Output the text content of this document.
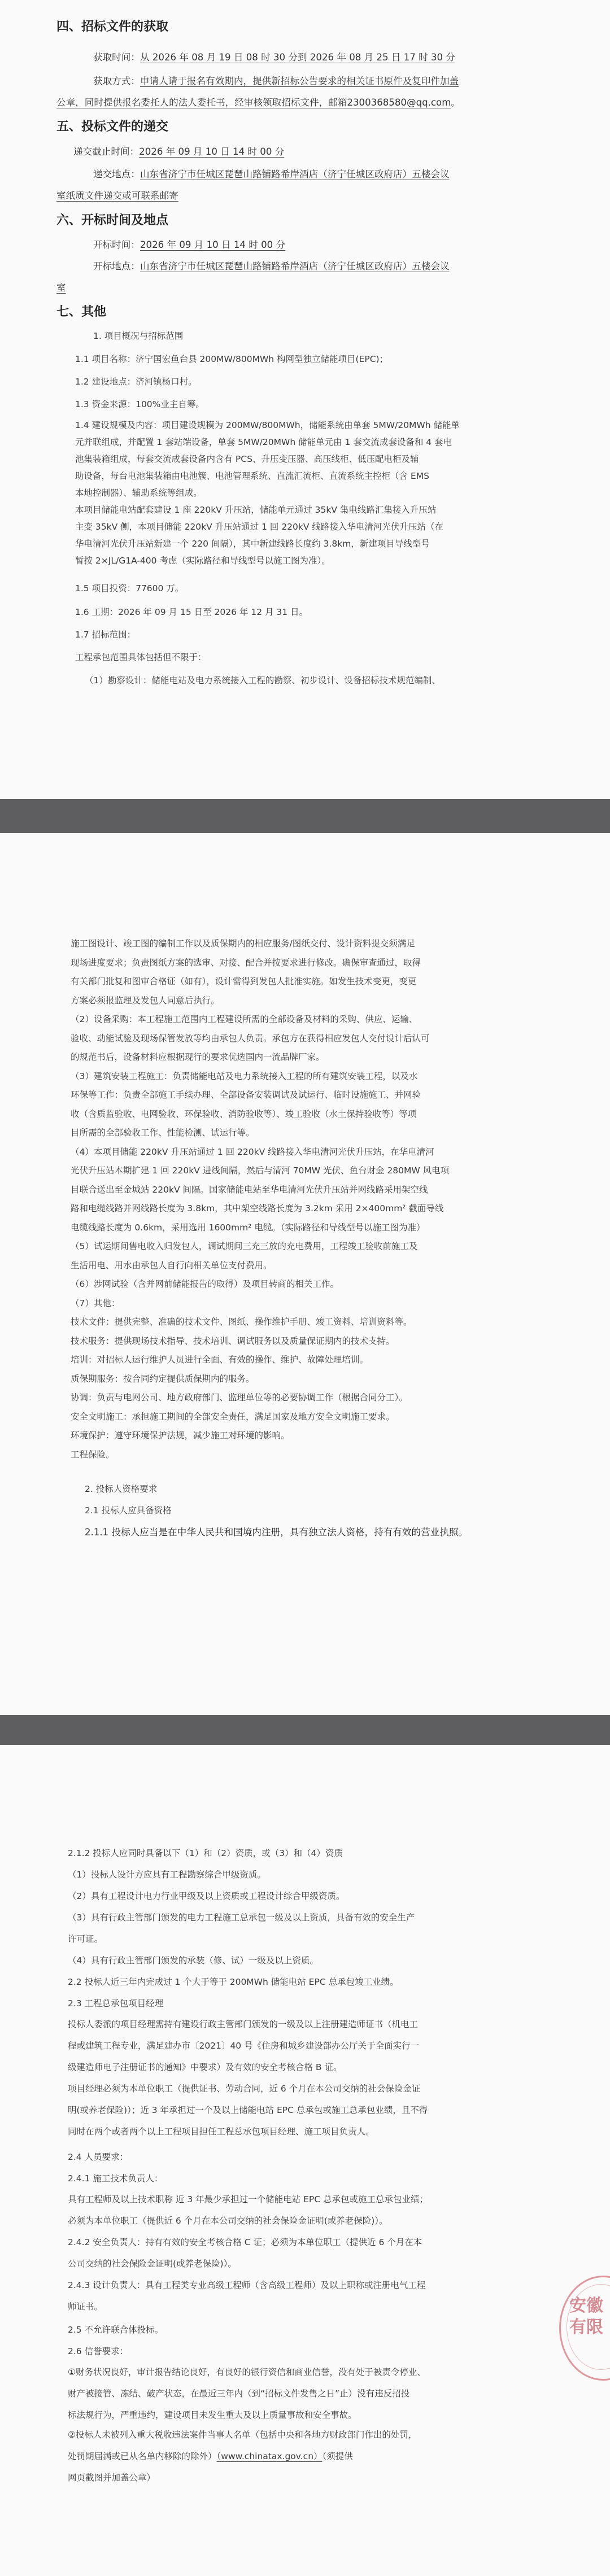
四、招标文件的获取
获取时间：从 2026 年 08 月 19 日 08 时 30 分到 2026 年 08 月 25 日 17 时 30 分
获取方式：申请人请于报名有效期内，提供新招标公告要求的相关证书原件及复印件加盖
公章，同时提供报名委托人的法人委托书，经审核领取招标文件，邮箱2300368580@qq.com。
五、投标文件的递交
递交截止时间：2026 年 09 月 10 日 14 时 00 分
递交地点：山东省济宁市任城区琵琶山路铺路希岸酒店（济宁任城区政府店）五楼会议
室纸质文件递交或可联系邮寄
六、开标时间及地点
开标时间：2026 年 09 月 10 日 14 时 00 分
开标地点：山东省济宁市任城区琵琶山路铺路希岸酒店（济宁任城区政府店）五楼会议
室
七、其他
1. 项目概况与招标范围
1.1 项目名称：济宁国宏鱼台县 200MW/800MWh 构网型独立储能项目(EPC)；
1.2 建设地点：济河镇杨口村。
1.3 资金来源：100%业主自筹。
1.4 建设规模及内容：项目建设规模为 200MW/800MWh，储能系统由单套 5MW/20MWh 储能单
元并联组成，并配置 1 套站端设备，单套 5MW/20MWh 储能单元由 1 套交流成套设备和 4 套电
池集装箱组成，每套交流成套设备内含有 PCS、升压变压器、高压线柜、低压配电柜及辅
助设备，每台电池集装箱由电池簇、电池管理系统、直流汇流柜、直流系统主控柜（含 EMS
本地控制器）、辅助系统等组成。
本项目储能电站配套建设 1 座 220kV 升压站，储能单元通过 35kV 集电线路汇集接入升压站
主变 35kV 侧，本项目储能 220kV 升压站通过 1 回 220kV 线路接入华电清河光伏升压站（在
华电清河光伏升压站新建一个 220 间隔），其中新建线路长度约 3.8km，新建项目导线型号
暂按 2×JL/G1A-400 考虑（实际路径和导线型号以施工图为准）。
1.5 项目投资：77600 万。
1.6 工期：2026 年 09 月 15 日至 2026 年 12 月 31 日。
1.7 招标范围：
工程承包范围具体包括但不限于：
（1）勘察设计：储能电站及电力系统接入工程的勘察、初步设计、设备招标技术规范编制、
施工图设计、竣工图的编制工作以及质保期内的相应服务/图纸交付、设计资料提交须满足
现场进度要求；负责图纸方案的选审、对接、配合并按要求进行修改。确保审查通过，取得
有关部门批复和图审合格证（如有），设计需得到发包人批准实施。如发生技术变更，变更
方案必须报监理及发包人同意后执行。
（2）设备采购：本工程施工范围内工程建设所需的全部设备及材料的采购、供应、运输、
验收、动能试验及现场保管发放等均由承包人负责。承包方在获得相应发包人交付设计后认可
的规范书后，设备材料应根据现行的要求优选国内一流品牌厂家。
（3）建筑安装工程施工：负责储能电站及电力系统接入工程的所有建筑安装工程，以及水
环保等工作：负责全部施工手续办理、全部设备安装调试及试运行、临时设施施工、并网验
收（含质监验收、电网验收、环保验收、消防验收等）、竣工验收（水土保持验收等）等项
目所需的全部验收工作、性能检测、试运行等。
（4）本项目储能 220kV 升压站通过 1 回 220kV 线路接入华电清河光伏升压站，在华电清河
光伏升压站本期扩建 1 回 220kV 进线间隔，然后与清河 70MW 光伏、鱼台财金 280MW 风电项
目联合送出至金城站 220kV 间隔。国家储能电站至华电清河光伏升压站并网线路采用架空线
路和电缆线路并网线路长度为 3.8km，其中架空线路长度为 3.2km 采用 2×400mm² 截面导线
电缆线路长度为 0.6km，采用选用 1600mm² 电缆。（实际路径和导线型号以施工图为准）
（5）试运期间售电收入归发包人，调试期间三充三放的充电费用，工程竣工验收前施工及
生活用电、用水由承包人自行向相关单位支付费用。
（6）涉网试验（含并网前储能报告的取得）及项目转商的相关工作。
（7）其他：
技术文件：提供完整、准确的技术文件、图纸、操作维护手册、竣工资料、培训资料等。
技术服务：提供现场技术指导、技术培训、调试服务以及质量保证期内的技术支持。
培训：对招标人运行维护人员进行全面、有效的操作、维护、故障处理培训。
质保期服务：按合同约定提供质保期内的服务。
协调：负责与电网公司、地方政府部门、监理单位等的必要协调工作（根据合同分工）。
安全文明施工：承担施工期间的全部安全责任，满足国家及地方安全文明施工要求。
环境保护：遵守环境保护法规，减少施工对环境的影响。
工程保险。
2. 投标人资格要求
2.1 投标人应具备资格
2.1.1 投标人应当是在中华人民共和国境内注册，具有独立法人资格，持有有效的营业执照。
2.1.2 投标人应同时具备以下（1）和（2）资质，或（3）和（4）资质
（1）投标人设计方应具有工程勘察综合甲级资质。
（2）具有工程设计电力行业甲级及以上资质或工程设计综合甲级资质。
（3）具有行政主管部门颁发的电力工程施工总承包一级及以上资质，具备有效的安全生产
许可证。
（4）具有行政主管部门颁发的承装（修、试）一级及以上资质。
2.2 投标人近三年内完成过 1 个大于等于 200MWh 储能电站 EPC 总承包竣工业绩。
2.3 工程总承包项目经理
投标人委派的项目经理需持有建设行政主管部门颁发的一级及以上注册建造师证书（机电工
程或建筑工程专业，满足建办市〔2021〕40 号《住房和城乡建设部办公厅关于全面实行一
级建造师电子注册证书的通知》中要求）及有效的安全考核合格 B 证。
项目经理必须为本单位职工（提供证书、劳动合同，近 6 个月在本公司交纳的社会保险金证
明(或养老保险)）；近 3 年承担过一个及以上储能电站 EPC 总承包或施工总承包业绩，且不得
同时在两个或者两个以上工程项目担任工程总承包项目经理、施工项目负责人。
2.4 人员要求：
2.4.1 施工技术负责人：
具有工程师及以上技术职称 近 3 年最少承担过一个储能电站 EPC 总承包或施工总承包业绩；
必须为本单位职工（提供近 6 个月在本公司交纳的社会保险金证明(或养老保险)）。
2.4.2 安全负责人：持有有效的安全考核合格 C 证；必须为本单位职工（提供近 6 个月在本
公司交纳的社会保险金证明(或养老保险)）。
2.4.3 设计负责人：具有工程类专业高级工程师（含高级工程师）及以上职称或注册电气工程
师证书。
2.5 不允许联合体投标。
2.6 信誉要求：
①财务状况良好，审计报告结论良好，有良好的银行资信和商业信誉，没有处于被责令停业、
财产被接管、冻结、破产状态，在最近三年内（到“招标文件发售之日”止）没有违反招投
标法规行为，严重违约，建设项目未发生重大及以上质量事故和安全事故。
②投标人未被列入重大税收违法案件当事人名单（包括中央和各地方财政部门作出的处罚，
处罚期届满或已从名单内移除的除外）（www.chinatax.gov.cn）（须提供
网页截图并加盖公章）
安徽有限
